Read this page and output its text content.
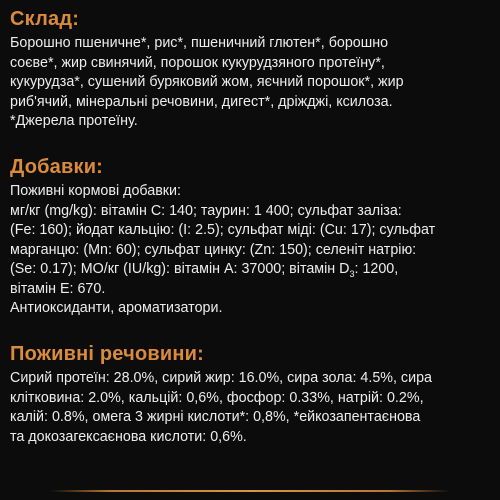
Склад:
Борошно пшеничне*, рис*, пшеничний глютен*, борошно
соєве*, жир свинячий, порошок кукурудзяного протеїну*,
кукурудза*, сушений буряковий жом, яєчний порошок*, жир
риб'ячий, мінеральні речовини, дигест*, дріжджі, ксилоза.
*Джерела протеїну.
Добавки:
Поживні кормові добавки:
мг/кг (mg/kg): вітамін С: 140; таурин: 1 400; сульфат заліза:
(Fe: 160); йодат кальцію: (I: 2.5); сульфат міді: (Cu: 17); сульфат
марганцю: (Mn: 60); сульфат цинку: (Zn: 150); селеніт натрію:
(Se: 0.17); МО/кг (IU/kg): вітамін А: 37000; вітамін $D_3$: 1200,
вітамін Е: 670.
Антиоксиданти, ароматизатори.
Поживні речовини:
Сирий протеїн: 28.0%, сирий жир: 16.0%, сира зола: 4.5%, сира
клітковина: 2.0%, кальцій: 0,6%, фосфор: 0.33%, натрій: 0.2%,
калій: 0.8%, омега 3 жирні кислоти*: 0,8%, *ейкозапентаєнова
та докозагексаєнова кислоти: 0,6%.
